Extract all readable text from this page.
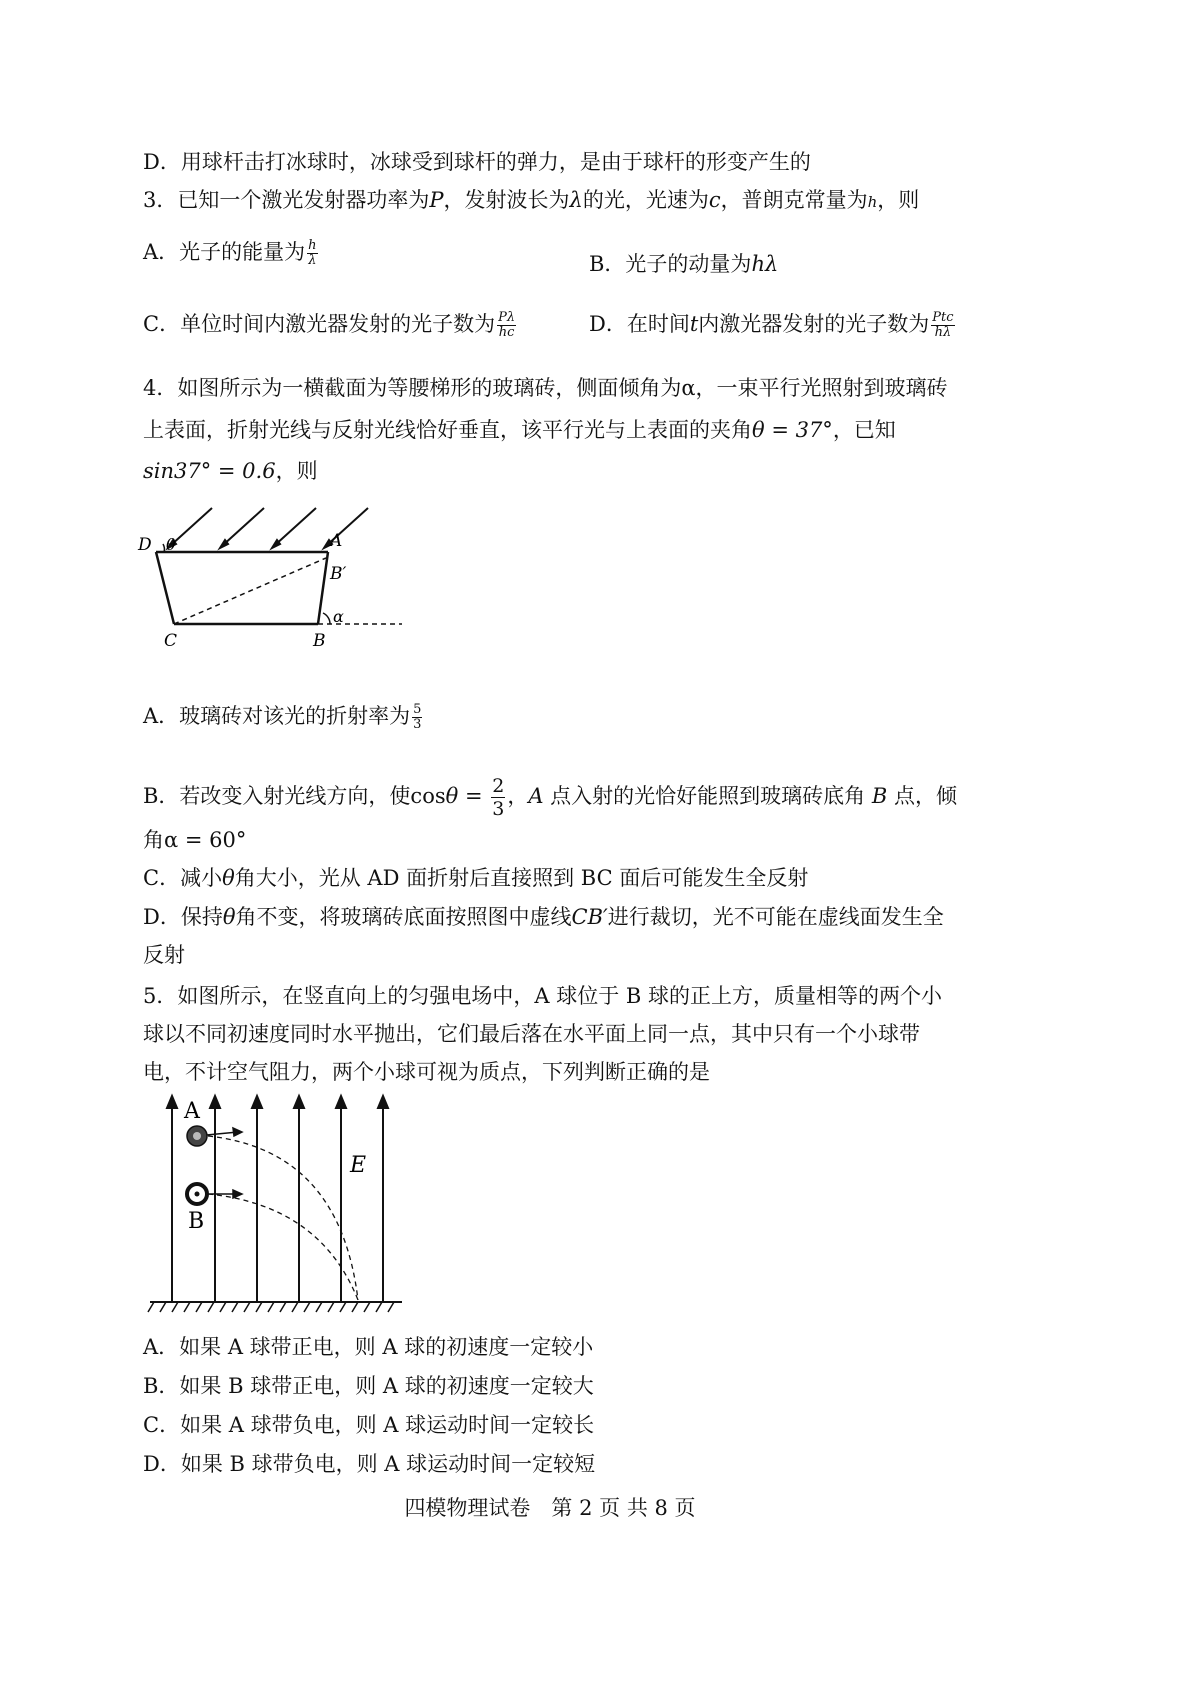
D．用球杆击打冰球时，冰球受到球杆的弹力，是由于球杆的形变产生的
3．已知一个激光发射器功率为P，发射波长为λ的光，光速为c，普朗克常量为h，则
A．光子的能量为 $\frac{h}{\lambda}$	B．光子的动量为hλ
C．单位时间内激光器发射的光子数为 $\frac{P\lambda}{hc}$	D．在时间t内激光器发射的光子数为 $\frac{\text{Ptc}}{h\lambda}$
4．如图所示为一横截面为等腰梯形的玻璃砖，侧面倾角为α，一束平行光照射到玻璃砖
上表面，折射光线与反射光线恰好垂直，该平行光与上表面的夹角θ = 37°，已知
sin37° = 0.6，则
D θ	A
B′
C	B
α
A．玻璃砖对该光的折射率为 $\frac{5}{3}$
B．若改变入射光线方向，使$\cos\theta = \frac{2}{3}$ ，A 点入射的光恰好能照到玻璃砖底角 B 点，倾
角α = 60°
C．减小θ角大小，光从 AD 面折射后直接照到 BC 面后可能发生全反射
D．保持θ角不变，将玻璃砖底面按照图中虚线CB′进行裁切，光不可能在虚线面发生全
反射
5．如图所示，在竖直向上的匀强电场中，A 球位于 B 球的正上方，质量相等的两个小
球以不同初速度同时水平抛出，它们最后落在水平面上同一点，其中只有一个小球带
电，不计空气阻力，两个小球可视为质点，下列判断正确的是
A
B
E
A．如果 A 球带正电，则 A 球的初速度一定较小
B．如果 B 球带正电，则 A 球的初速度一定较大
C．如果 A 球带负电，则 A 球运动时间一定较长
D．如果 B 球带负电，则 A 球运动时间一定较短
四模物理试卷　第 2 页 共 8 页
